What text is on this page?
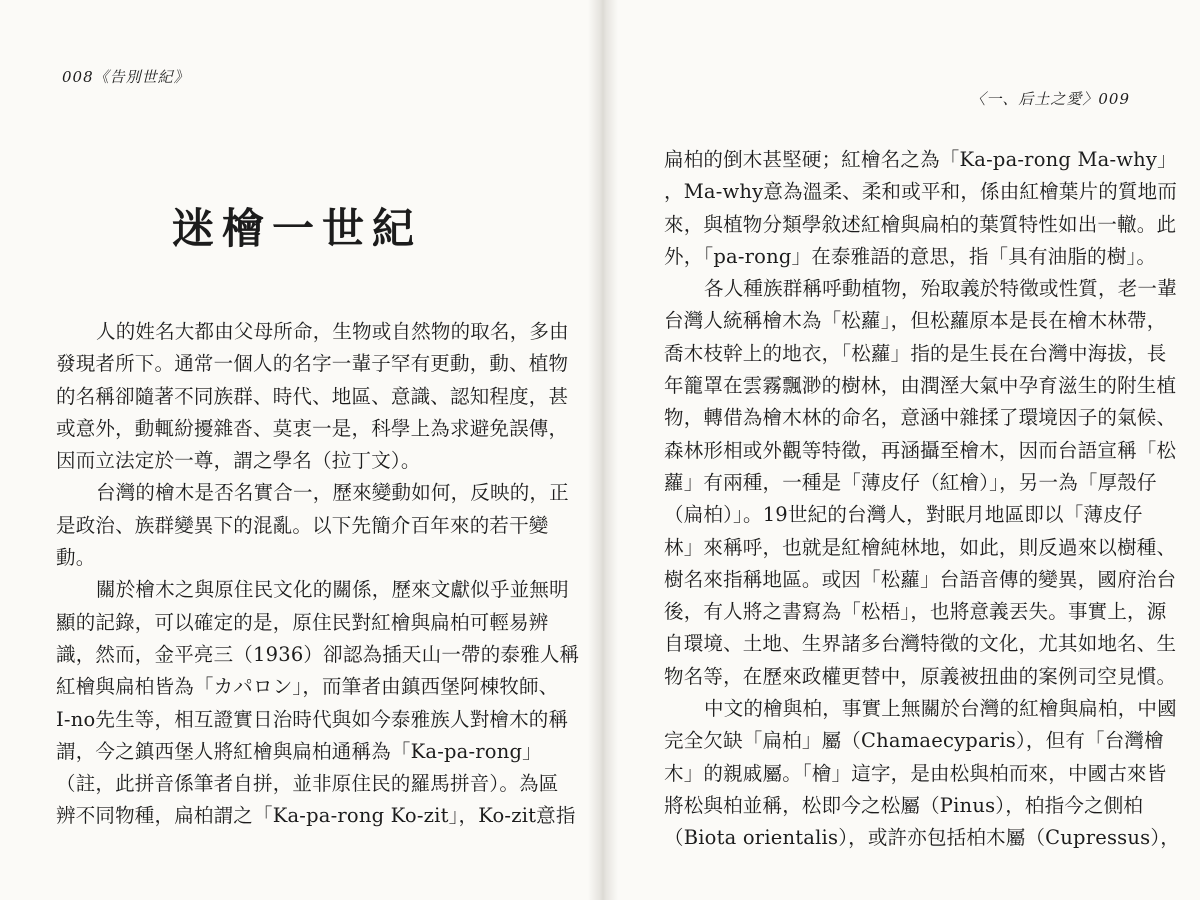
008《告別世紀》
迷檜一世紀
人的姓名大都由父母所命，生物或自然物的取名，多由
發現者所下。通常一個人的名字一輩子罕有更動，動、植物
的名稱卻隨著不同族群、時代、地區、意識、認知程度，甚
或意外，動輒紛擾雜沓、莫衷一是，科學上為求避免誤傳，
因而立法定於一尊，謂之學名（拉丁文）。
台灣的檜木是否名實合一，歷來變動如何，反映的，正
是政治、族群變異下的混亂。以下先簡介百年來的若干變
動。
關於檜木之與原住民文化的關係，歷來文獻似乎並無明
顯的記錄，可以確定的是，原住民對紅檜與扁柏可輕易辨
識，然而，金平亮三（1936）卻認為插天山一帶的泰雅人稱
紅檜與扁柏皆為「カパロン」，而筆者由鎮西堡阿棟牧師、
I-no先生等，相互證實日治時代與如今泰雅族人對檜木的稱
謂，今之鎮西堡人將紅檜與扁柏通稱為「Ka-pa-rong」
（註，此拼音係筆者自拼，並非原住民的羅馬拼音）。為區
辨不同物種，扁柏謂之「Ka-pa-rong Ko-zit」，Ko-zit意指
〈一、后土之愛〉009
扁柏的倒木甚堅硬；紅檜名之為「Ka-pa-rong Ma-why」
，Ma-why意為溫柔、柔和或平和，係由紅檜葉片的質地而
來，與植物分類學敘述紅檜與扁柏的葉質特性如出一轍。此
外，「pa-rong」在泰雅語的意思，指「具有油脂的樹」。
各人種族群稱呼動植物，殆取義於特徵或性質，老一輩
台灣人統稱檜木為「松蘿」，但松蘿原本是長在檜木林帶，
喬木枝幹上的地衣，「松蘿」指的是生長在台灣中海拔，長
年籠罩在雲霧飄渺的樹林，由潤溼大氣中孕育滋生的附生植
物，轉借為檜木林的命名，意涵中雜揉了環境因子的氣候、
森林形相或外觀等特徵，再涵攝至檜木，因而台語宣稱「松
蘿」有兩種，一種是「薄皮仔（紅檜）」，另一為「厚殼仔
（扁柏）」。19世紀的台灣人，對眠月地區即以「薄皮仔
林」來稱呼，也就是紅檜純林地，如此，則反過來以樹種、
樹名來指稱地區。或因「松蘿」台語音傳的變異，國府治台
後，有人將之書寫為「松梧」，也將意義丟失。事實上，源
自環境、土地、生界諸多台灣特徵的文化，尤其如地名、生
物名等，在歷來政權更替中，原義被扭曲的案例司空見慣。
中文的檜與柏，事實上無關於台灣的紅檜與扁柏，中國
完全欠缺「扁柏」屬（Chamaecyparis），但有「台灣檜
木」的親戚屬。「檜」這字，是由松與柏而來，中國古來皆
將松與柏並稱，松即今之松屬（Pinus），柏指今之側柏
（Biota orientalis），或許亦包括柏木屬（Cupressus），
